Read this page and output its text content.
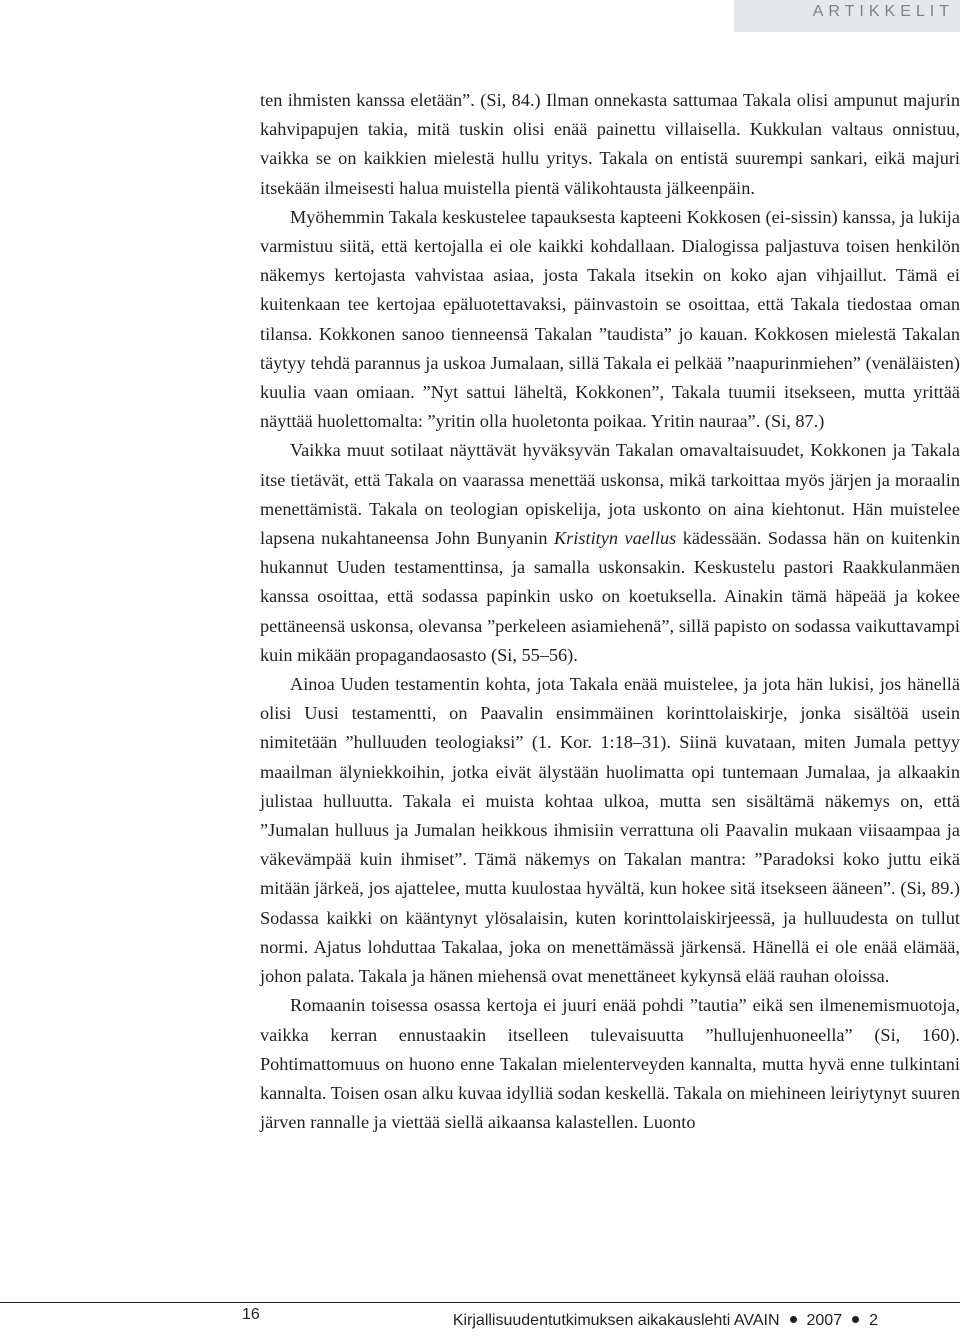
ARTIKKELIT

ten ihmisten kanssa eletään”. (Si, 84.) Ilman onnekasta sattumaa Takala olisi ampunut majurin kahvipapujen takia, mitä tuskin olisi enää painettu villaisella. Kukkulan valtaus onnistuu, vaikka se on kaikkien mielestä hullu yritys. Takala on entistä suurempi sankari, eikä majuri itsekään ilmeisesti halua muistella pientä välikohtausta jälkeenpäin.

Myöhemmin Takala keskustelee tapauksesta kapteeni Kokkosen (ei-sissin) kanssa, ja lukija varmistuu siitä, että kertojalla ei ole kaikki kohdallaan. Dialogissa paljastuva toisen henkilön näkemys kertojasta vahvistaa asiaa, josta Takala itsekin on koko ajan vihjaillut. Tämä ei kuitenkaan tee kertojaa epäluotettavaksi, päinvastoin se osoittaa, että Takala tiedostaa oman tilansa. Kokkonen sanoo tienneensä Takalan ”taudista” jo kauan. Kokkosen mielestä Takalan täytyy tehdä parannus ja uskoa Jumalaan, sillä Takala ei pelkää ”naapurinmiehen” (venäläisten) kuulia vaan omiaan. ”Nyt sattui läheltä, Kokkonen”, Takala tuumii itsekseen, mutta yrittää näyttää huolettomalta: ”yritin olla huoletonta poikaa. Yritin nauraa”. (Si, 87.)

Vaikka muut sotilaat näyttävät hyväksyvän Takalan omavaltaisuudet, Kokkonen ja Takala itse tietävät, että Takala on vaarassa menettää uskonsa, mikä tarkoittaa myös järjen ja moraalin menettämistä. Takala on teologian opiskelija, jota uskonto on aina kiehtonut. Hän muistelee lapsena nukahtaneensa John Bunyanin Kristityn vaellus kädessään. Sodassa hän on kuitenkin hukannut Uuden testamenttinsa, ja samalla uskonsakin. Keskustelu pastori Raakkulanmäen kanssa osoittaa, että sodassa papinkin usko on koetuksella. Ainakin tämä häpeää ja kokee pettäneensä uskonsa, olevansa ”perkeleen asiamiehenä”, sillä papisto on sodassa vaikuttavampi kuin mikään propagandaosasto (Si, 55–56).

Ainoa Uuden testamentin kohta, jota Takala enää muistelee, ja jota hän lukisi, jos hänellä olisi Uusi testamentti, on Paavalin ensimmäinen korinttolaiskirje, jonka sisältöä usein nimitetään ”hulluuden teologiaksi” (1. Kor. 1:18–31). Siinä kuvataan, miten Jumala pettyy maailman älyniekkoihin, jotka eivät älystään huolimatta opi tuntemaan Jumalaa, ja alkaakin julistaa hulluutta. Takala ei muista kohtaa ulkoa, mutta sen sisältämä näkemys on, että ”Jumalan hulluus ja Jumalan heikkous ihmisiin verrattuna oli Paavalin mukaan viisaampaa ja väkevämpää kuin ihmiset”. Tämä näkemys on Takalan mantra: ”Paradoksi koko juttu eikä mitään järkeä, jos ajattelee, mutta kuulostaa hyvältä, kun hokee sitä itsekseen ääneen”. (Si, 89.) Sodassa kaikki on kääntynyt ylösalaisin, kuten korinttolaiskirjeessä, ja hulluudesta on tullut normi. Ajatus lohduttaa Takalaa, joka on menettämässä järkensä. Hänellä ei ole enää elämää, johon palata. Takala ja hänen miehensä ovat menettäneet kykynsä elää rauhan oloissa.

Romaanin toisessa osassa kertoja ei juuri enää pohdi ”tautia” eikä sen ilmenemismuotoja, vaikka kerran ennustaakin itselleen tulevaisuutta ”hullujenhuoneella” (Si, 160). Pohtimattomuus on huono enne Takalan mielenterveyden kannalta, mutta hyvä enne tulkintani kannalta. Toisen osan alku kuvaa idylliä sodan keskellä. Takala on miehineen leiriytynyt suuren järven rannalle ja viettää siellä aikaansa kalastellen. Luonto

16	Kirjallisuudentutkimuksen aikakauslehti AVAIN 2007 2
